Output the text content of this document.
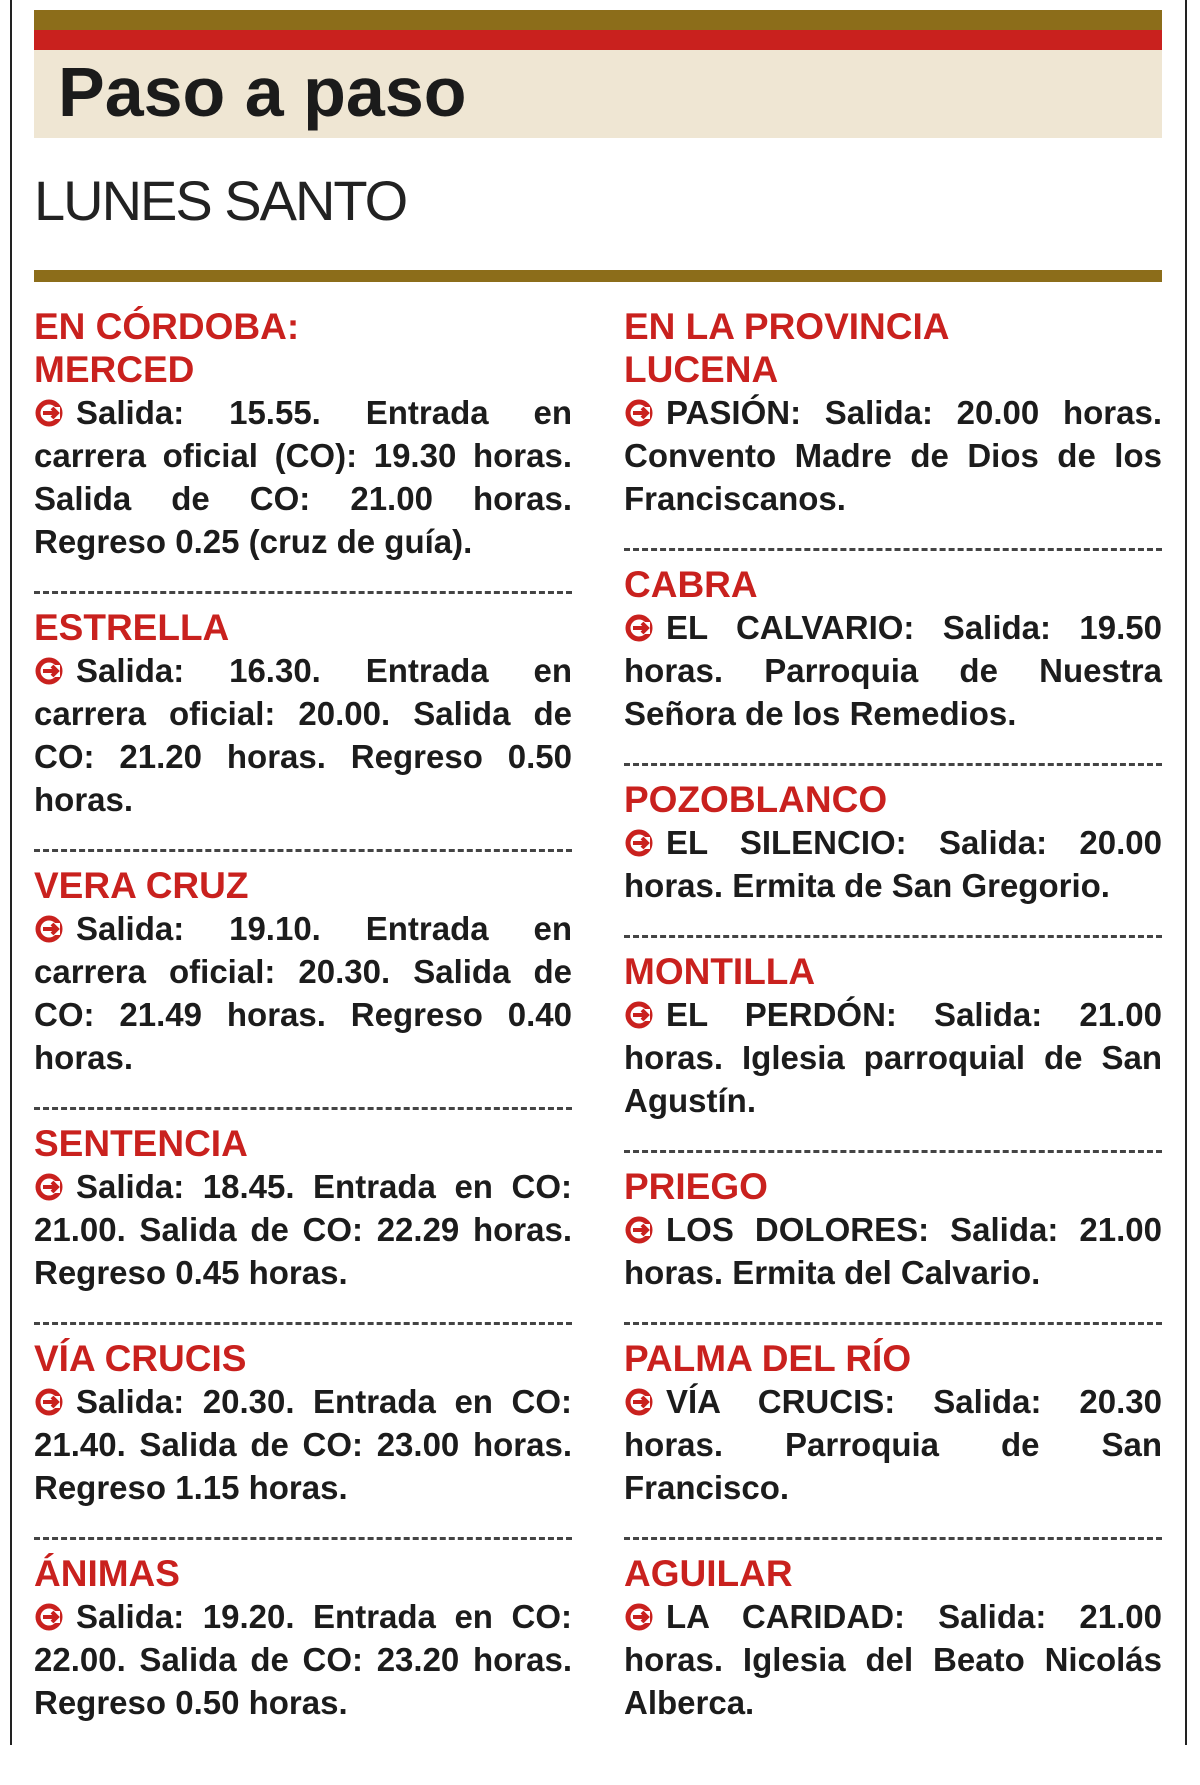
Paso a paso
LUNES SANTO
EN CÓRDOBA:
MERCED
Salida: 15.55. Entrada en carrera oficial (CO): 19.30 horas. Salida de CO: 21.00 horas. Regreso 0.25 (cruz de guía).
ESTRELLA
Salida: 16.30. Entrada en carrera oficial: 20.00. Salida de CO: 21.20 horas. Regreso 0.50 horas.
VERA CRUZ
Salida: 19.10. Entrada en carrera oficial: 20.30. Salida de CO: 21.49 horas. Regreso 0.40 horas.
SENTENCIA
Salida: 18.45. Entrada en CO: 21.00. Salida de CO: 22.29 horas. Regreso 0.45 horas.
VÍA CRUCIS
Salida: 20.30. Entrada en CO: 21.40. Salida de CO: 23.00 horas. Regreso 1.15 horas.
ÁNIMAS
Salida: 19.20. Entrada en CO: 22.00. Salida de CO: 23.20 horas. Regreso 0.50 horas.
EN LA PROVINCIA
LUCENA
PASIÓN: Salida: 20.00 horas. Convento Madre de Dios de los Franciscanos.
CABRA
EL CALVARIO: Salida: 19.50 horas. Parroquia de Nuestra Señora de los Remedios.
POZOBLANCO
EL SILENCIO: Salida: 20.00 horas. Ermita de San Gregorio.
MONTILLA
EL PERDÓN: Salida: 21.00 horas. Iglesia parroquial de San Agustín.
PRIEGO
LOS DOLORES: Salida: 21.00 horas. Ermita del Calvario.
PALMA DEL RÍO
VÍA CRUCIS: Salida: 20.30 horas. Parroquia de San Francisco.
AGUILAR
LA CARIDAD: Salida: 21.00 horas. Iglesia del Beato Nicolás Alberca.
